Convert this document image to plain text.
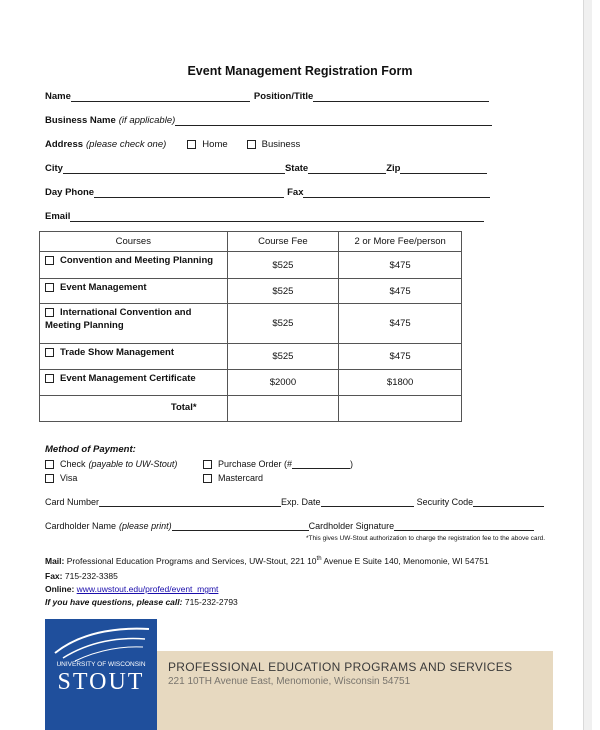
Event Management Registration Form
Name	Position/Title
Business Name (if applicable)
Address (please check one)	Home	Business
City	State	Zip
Day Phone	Fax
Email
Courses	Course Fee	2 or More Fee/person
Convention and Meeting Planning	$525	$475
Event Management	$525	$475
International Convention and
Meeting Planning	$525	$475
Trade Show Management	$525	$475
Event Management Certificate	$2000	$1800
Total*		
Method of Payment:
Check (payable to UW-Stout)	Purchase Order (#	)
Visa	Mastercard
Card Number	Exp. Date	Security Code
Cardholder Name (please print)	Cardholder Signature
*This gives UW-Stout authorization to charge the registration fee to the above card.
Mail: Professional Education Programs and Services, UW-Stout, 221 10th Avenue E Suite 140, Menomonie, WI 54751
Fax: 715-232-3385
Online: www.uwstout.edu/profed/event_mgmt
If you have questions, please call: 715-232-2793
PROFESSIONAL EDUCATION PROGRAMS AND SERVICES
221 10TH Avenue East, Menomonie, Wisconsin 54751
UNIVERSITY OF WISCONSIN
STOUT
